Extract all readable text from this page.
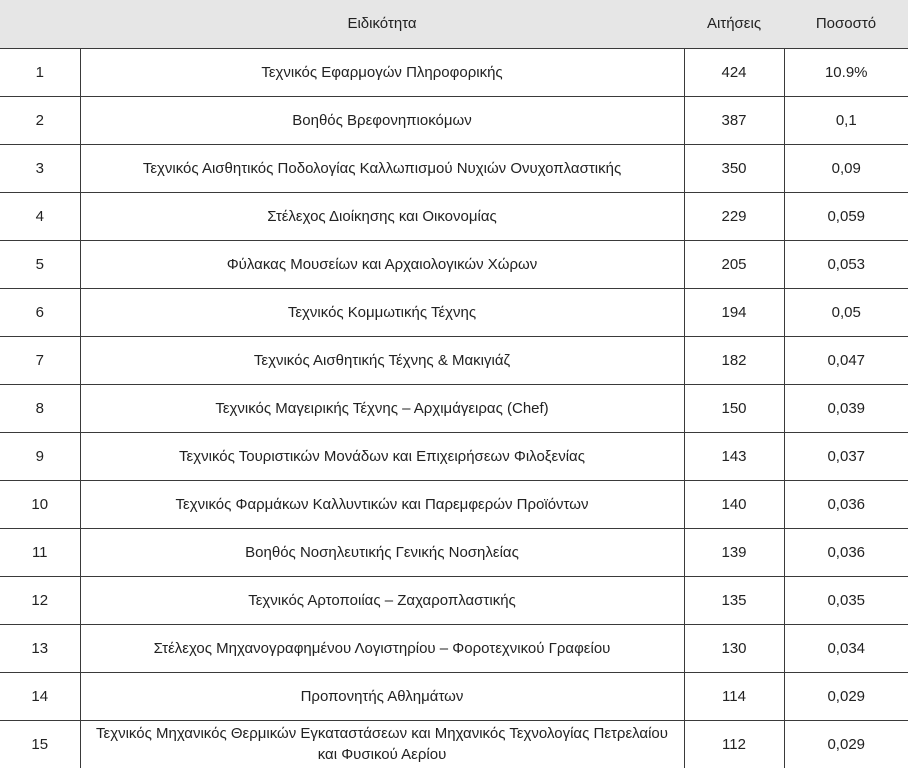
	Ειδικότητα	Αιτήσεις	Ποσοστό
1	Τεχνικός Εφαρμογών Πληροφορικής	424	10.9%
2	Βοηθός Βρεφονηπιοκόμων	387	0,1
3	Τεχνικός Αισθητικός Ποδολογίας Καλλωπισμού Νυχιών Ονυχοπλαστικής	350	0,09
4	Στέλεχος Διοίκησης και Οικονομίας	229	0,059
5	Φύλακας Μουσείων και Αρχαιολογικών Χώρων	205	0,053
6	Τεχνικός Κομμωτικής Τέχνης	194	0,05
7	Τεχνικός Αισθητικής Τέχνης & Μακιγιάζ	182	0,047
8	Τεχνικός Μαγειρικής Τέχνης – Αρχιμάγειρας (Chef)	150	0,039
9	Τεχνικός Τουριστικών Μονάδων και Επιχειρήσεων Φιλοξενίας	143	0,037
10	Τεχνικός Φαρμάκων Καλλυντικών και Παρεμφερών Προϊόντων	140	0,036
11	Βοηθός Νοσηλευτικής Γενικής Νοσηλείας	139	0,036
12	Τεχνικός Αρτοποιίας – Ζαχαροπλαστικής	135	0,035
13	Στέλεχος Μηχανογραφημένου Λογιστηρίου – Φοροτεχνικού Γραφείου	130	0,034
14	Προπονητής Αθλημάτων	114	0,029
15	Τεχνικός Μηχανικός Θερμικών Εγκαταστάσεων και Μηχανικός Τεχνολογίας Πετρελαίου και Φυσικού Αερίου	112	0,029
